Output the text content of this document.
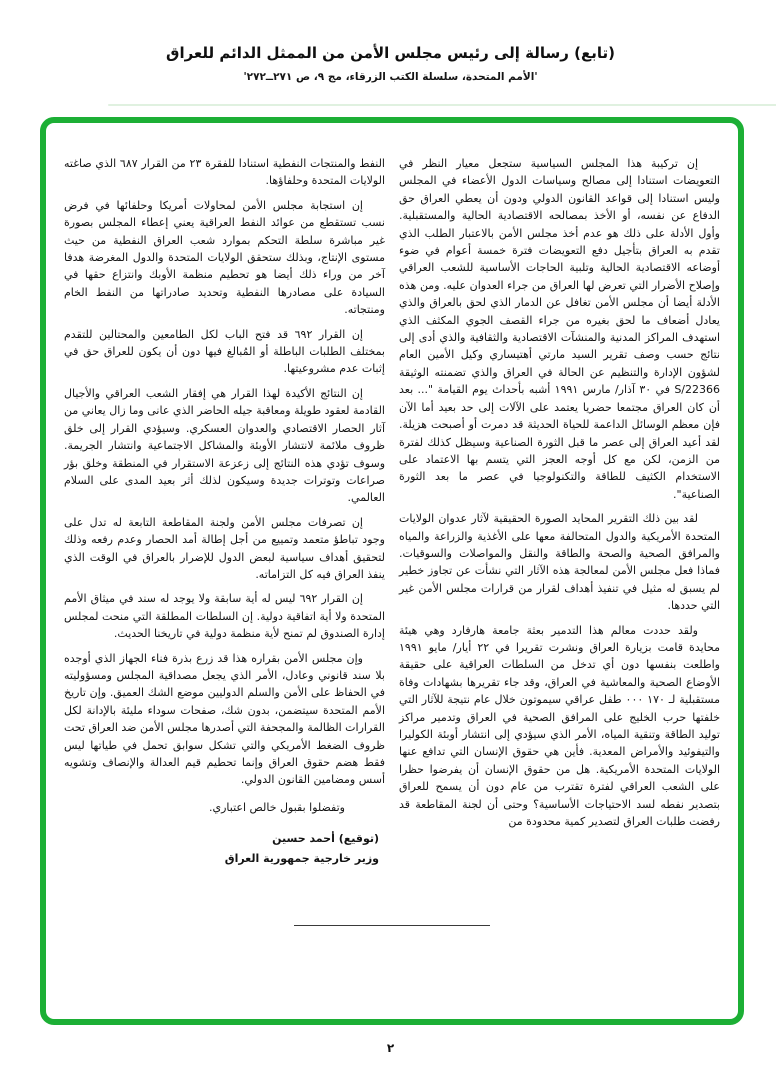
(تابع) رسالة إلى رئيس مجلس الأمن من الممثل الدائم للعراق
'الأمم المتحدة، سلسلة الكتب الزرقاء، مج ٩، ص ٢٧١ــ٢٧٢'

إن تركيبة هذا المجلس السياسية ستجعل معيار النظر في التعويضات استنادا إلى مصالح وسياسات الدول الأعضاء في المجلس وليس استنادا إلى قواعد القانون الدولي ودون أن يعطي العراق حق الدفاع عن نفسه، أو الأخذ بمصالحه الاقتصادية الحالية والمستقبلية. وأول الأدلة على ذلك هو عدم أخذ مجلس الأمن بالاعتبار الطلب الذي تقدم به العراق بتأجيل دفع التعويضات فترة خمسة أعوام في ضوء أوضاعه الاقتصادية الحالية وتلبية الحاجات الأساسية للشعب العراقي وإصلاح الأضرار التي تعرض لها العراق من جراء العدوان عليه. ومن هذه الأدلة أيضا أن مجلس الأمن تغافل عن الدمار الذي لحق بالعراق والذي يعادل أضعاف ما لحق بغيره من جراء القصف الجوي المكثف الذي استهدف المراكز المدنية والمنشآت الاقتصادية والثقافية والذي أدى إلى نتائج حسب وصف تقرير السيد مارتي أهتيساري وكيل الأمين العام لشؤون الإدارة والتنظيم عن الحالة في العراق والذي تضمنته الوثيقة S/22366 في ٣٠ آذار/ مارس ١٩٩١ أشبه بأحداث يوم القيامة "... بعد أن كان العراق مجتمعا حضريا يعتمد على الآلات إلى حد بعيد أما الآن فإن معظم الوسائل الداعمة للحياة الحديثة قد دمرت أو أصبحت هزيلة. لقد أعيد العراق إلى عصر ما قبل الثورة الصناعية وسيظل كذلك لفترة من الزمن، لكن مع كل أوجه العجز التي يتسم بها الاعتماد على الاستخدام الكثيف للطاقة والتكنولوجيا في عصر ما بعد الثورة الصناعية".

لقد بين ذلك التقرير المحايد الصورة الحقيقية لآثار عدوان الولايات المتحدة الأمريكية والدول المتحالفة معها على الأغذية والزراعة والمياه والمرافق الصحية والصحة والطاقة والنقل والمواصلات والسوقيات. فماذا فعل مجلس الأمن لمعالجة هذه الآثار التي نشأت عن تجاوز خطير لم يسبق له مثيل في تنفيذ أهداف لقرار من قرارات مجلس الأمن غير التي حددها.

ولقد حددت معالم هذا التدمير بعثة جامعة هارفارد وهي هيئة محايدة قامت بزيارة العراق ونشرت تقريرا في ٢٢ أيار/ مايو ١٩٩١ واطلعت بنفسها دون أي تدخل من السلطات العراقية على حقيقة الأوضاع الصحية والمعاشية في العراق، وقد جاء تقريرها بشهادات وفاة مستقبلية لـ ١٧٠ ٠٠٠ طفل عراقي سيموتون خلال عام نتيجة للآثار التي خلفتها حرب الخليج على المرافق الصحية في العراق وتدمير مراكز توليد الطاقة وتنقية المياه، الأمر الذي سيؤدي إلى انتشار أوبئة الكوليرا والتيفوئيد والأمراض المعدية. فأين هي حقوق الإنسان التي تدافع عنها الولايات المتحدة الأمريكية. هل من حقوق الإنسان أن يفرضوا حظرا على الشعب العراقي لفترة تقترب من عام دون أن يسمح للعراق بتصدير نفطه لسد الاحتياجات الأساسية؟ وحتى أن لجنة المقاطعة قد رفضت طلبات العراق لتصدير كمية محدودة من

النفط والمنتجات النفطية استنادا للفقرة ٢٣ من القرار ٦٨٧ الذي صاغته الولايات المتحدة وحلفاؤها.

إن استجابة مجلس الأمن لمحاولات أمريكا وحلفائها في فرض نسب تستقطع من عوائد النفط العراقية يعني إعطاء المجلس بصورة غير مباشرة سلطة التحكم بموارد شعب العراق النفطية من حيث مستوى الإنتاج، وبذلك ستحقق الولايات المتحدة والدول المغرضة هدفا آخر من وراء ذلك أيضا هو تحطيم منظمة الأوبك وانتزاع حقها في السيادة على مصادرها النفطية وتحديد صادراتها من النفط الخام ومنتجاته.

إن القرار ٦٩٢ قد فتح الباب لكل الطامعين والمحتالين للتقدم بمختلف الطلبات الباطلة أو المُبالغ فيها دون أن يكون للعراق حق في إثبات عدم مشروعيتها.

إن النتائج الأكيدة لهذا القرار هي إفقار الشعب العراقي والأجيال القادمة لعقود طويلة ومعاقبة جيله الحاضر الذي عانى وما زال يعاني من آثار الحصار الاقتصادي والعدوان العسكري. وسيؤدي القرار إلى خلق ظروف ملائمة لانتشار الأوبئة والمشاكل الاجتماعية وانتشار الجريمة. وسوف تؤدي هذه النتائج إلى زعزعة الاستقرار في المنطقة وخلق بؤر صراعات وتوترات جديدة وسيكون لذلك أثر بعيد المدى على السلام العالمي.

إن تصرفات مجلس الأمن ولجنة المقاطعة التابعة له تدل على وجود تباطؤ متعمد وتمييع من أجل إطالة أمد الحصار وعدم رفعه وذلك لتحقيق أهداف سياسية لبعض الدول للإضرار بالعراق في الوقت الذي ينفذ العراق فيه كل التزاماته.

إن القرار ٦٩٢ ليس له أية سابقة ولا يوجد له سند في ميثاق الأمم المتحدة ولا أية اتفاقية دولية. إن السلطات المطلقة التي منحت لمجلس إدارة الصندوق لم تمنح لأية منظمة دولية في تاريخنا الحديث.

وإن مجلس الأمن بقراره هذا قد زرع بذرة فناء الجهاز الذي أوجده بلا سند قانوني وعادل، الأمر الذي يجعل مصداقية المجلس ومسؤوليته في الحفاظ على الأمن والسلم الدوليين موضع الشك العميق. وإن تاريخ الأمم المتحدة سيتضمن، بدون شك، صفحات سوداء مليئة بالإدانة لكل القرارات الظالمة والمجحفة التي أصدرها مجلس الأمن ضد العراق تحت ظروف الضغط الأمريكي والتي تشكل سوابق تحمل في طياتها ليس فقط هضم حقوق العراق وإنما تحطيم قيم العدالة والإنصاف وتشويه أسس ومضامين القانون الدولي.

وتفضلوا بقبول خالص اعتباري.

(توقيع) أحمد حسين

وزير خارجية جمهورية العراق

٢
